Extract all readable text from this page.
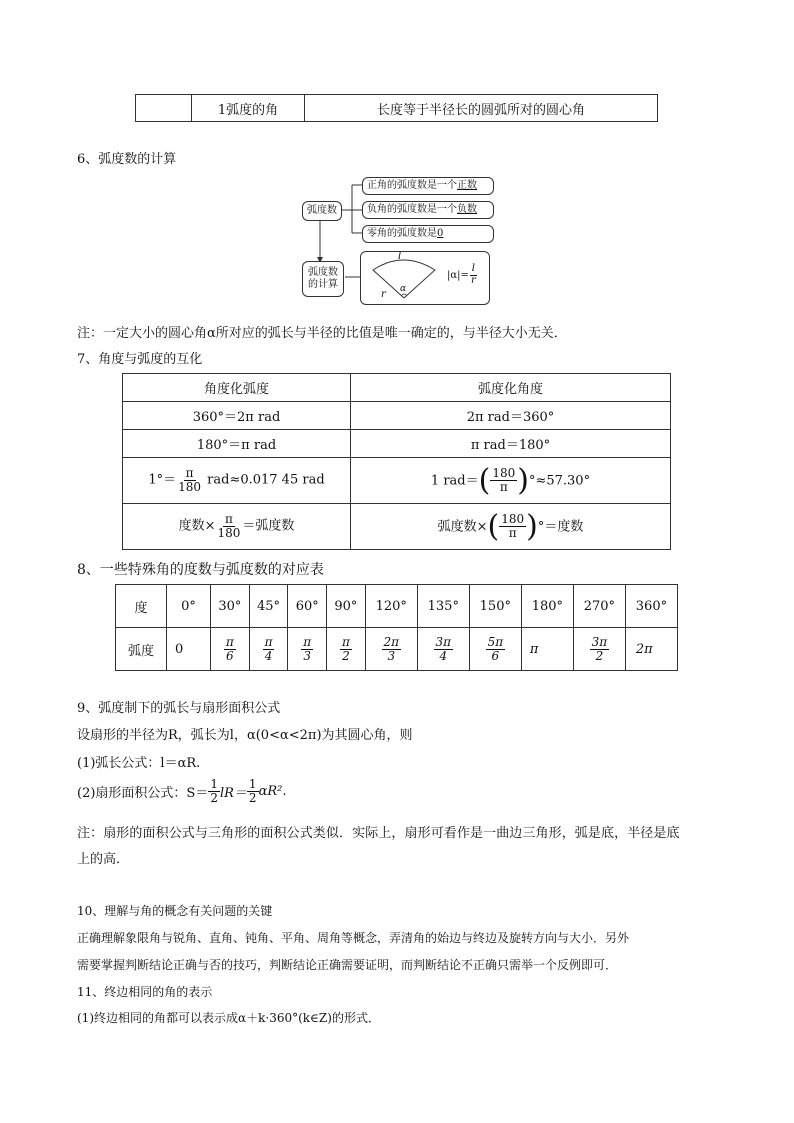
	1弧度的角	长度等于半径长的圆弧所对的圆心角
6、弧度数的计算
弧度数
正角的弧度数是一个 正数
负角的弧度数是一个 负数
零角的弧度数是 0
弧度数
的计算
l
r α
$|\alpha|= \frac{l}{r}$
注：一定大小的圆心角α所对应的弧长与半径的比值是唯一确定的，与半径大小无关．
7、角度与弧度的互化
角度化弧度	弧度化角度
360°＝2π rad	2π rad＝360°
180°＝π rad	π rad＝180°
$1^\circ= \frac{\pi}{180} rad\approx 0.017$ 45 rad	1 $rad=( \frac{180}{\pi} )^\circ\approx 57.30^\circ$
度数× $\frac{\pi}{180}$ ＝弧度数	弧度数×( $\frac{180}{\pi}$ )°＝度数
8、一些特殊角的度数与弧度数的对应表
度	0°	30°	45°	60°	90°	120°	135°	150°	180°	270°	360°
弧度	0	$\frac{\pi}{6}$	$\frac{\pi}{4}$	$\frac{\pi}{3}$	$\frac{\pi}{2}$	$\frac{2\pi}{3}$	$\frac{3\pi}{4}$	$\frac{5\pi}{6}$	π	$\frac{3\pi}{2}$	2π
9、弧度制下的弧长与扇形面积公式
设扇形的半径为R，弧长为l，α(0<α<2π)为其圆心角，则
(1)弧长公式：l＝αR.
(2)扇形面积公式：$S= \frac{1}{2} lR= \frac{1}{2} \alpha R^2$.
注：扇形的面积公式与三角形的面积公式类似．实际上，扇形可看作是一曲边三角形，弧是底，半径是底
上的高．
10、理解与角的概念有关问题的关键
正确理解象限角与锐角、直角、钝角、平角、周角等概念，弄清角的始边与终边及旋转方向与大小．另外
需要掌握判断结论正确与否的技巧，判断结论正确需要证明，而判断结论不正确只需举一个反例即可．
11、终边相同的角的表示
(1)终边相同的角都可以表示成α＋k·360°(k∈Z)的形式．
